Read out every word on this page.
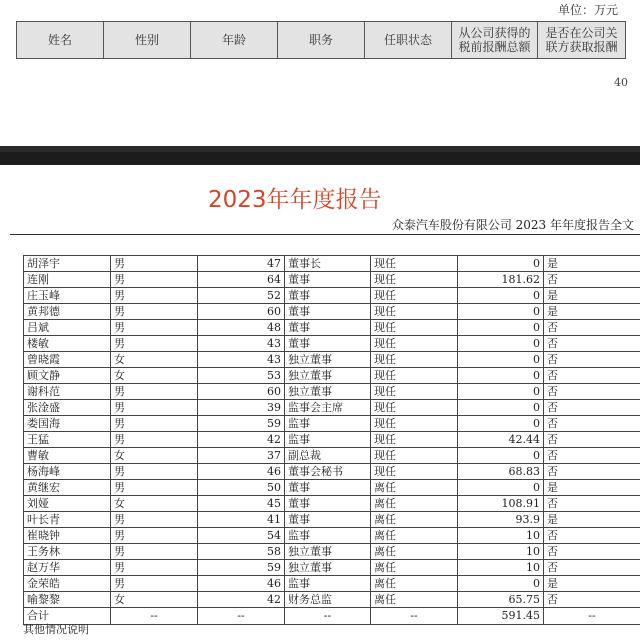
单位：万元
姓名	性别	年龄	职务	任职状态	从公司获得的税前报酬总额	是否在公司关联方获取报酬
40
2023年年度报告
众泰汽车股份有限公司 2023 年年度报告全文
胡泽宇	男	47	董事长	现任	0	是
连刚	男	64	董事	现任	181.62	否
庄玉峰	男	52	董事	现任	0	是
黄邦德	男	60	董事	现任	0	是
吕斌	男	48	董事	现任	0	否
楼敏	男	43	董事	现任	0	否
曾晓霞	女	43	独立董事	现任	0	否
顾文静	女	53	独立董事	现任	0	否
谢科范	男	60	独立董事	现任	0	否
张淦盛	男	39	监事会主席	现任	0	否
娄国海	男	59	监事	现任	0	否
王猛	男	42	监事	现任	42.44	否
曹敏	女	37	副总裁	现任	0	否
杨海峰	男	46	董事会秘书	现任	68.83	否
黄继宏	男	50	董事	离任	0	是
刘娅	女	45	董事	离任	108.91	否
叶长青	男	41	董事	离任	93.9	是
崔晓钟	男	54	监事	离任	10	否
王务林	男	58	独立董事	离任	10	否
赵万华	男	59	独立董事	离任	10	否
金荣皓	男	46	监事	离任	0	是
喻黎黎	女	42	财务总监	离任	65.75	否
合计	--	--	--	--	591.45	--
其他情况说明
